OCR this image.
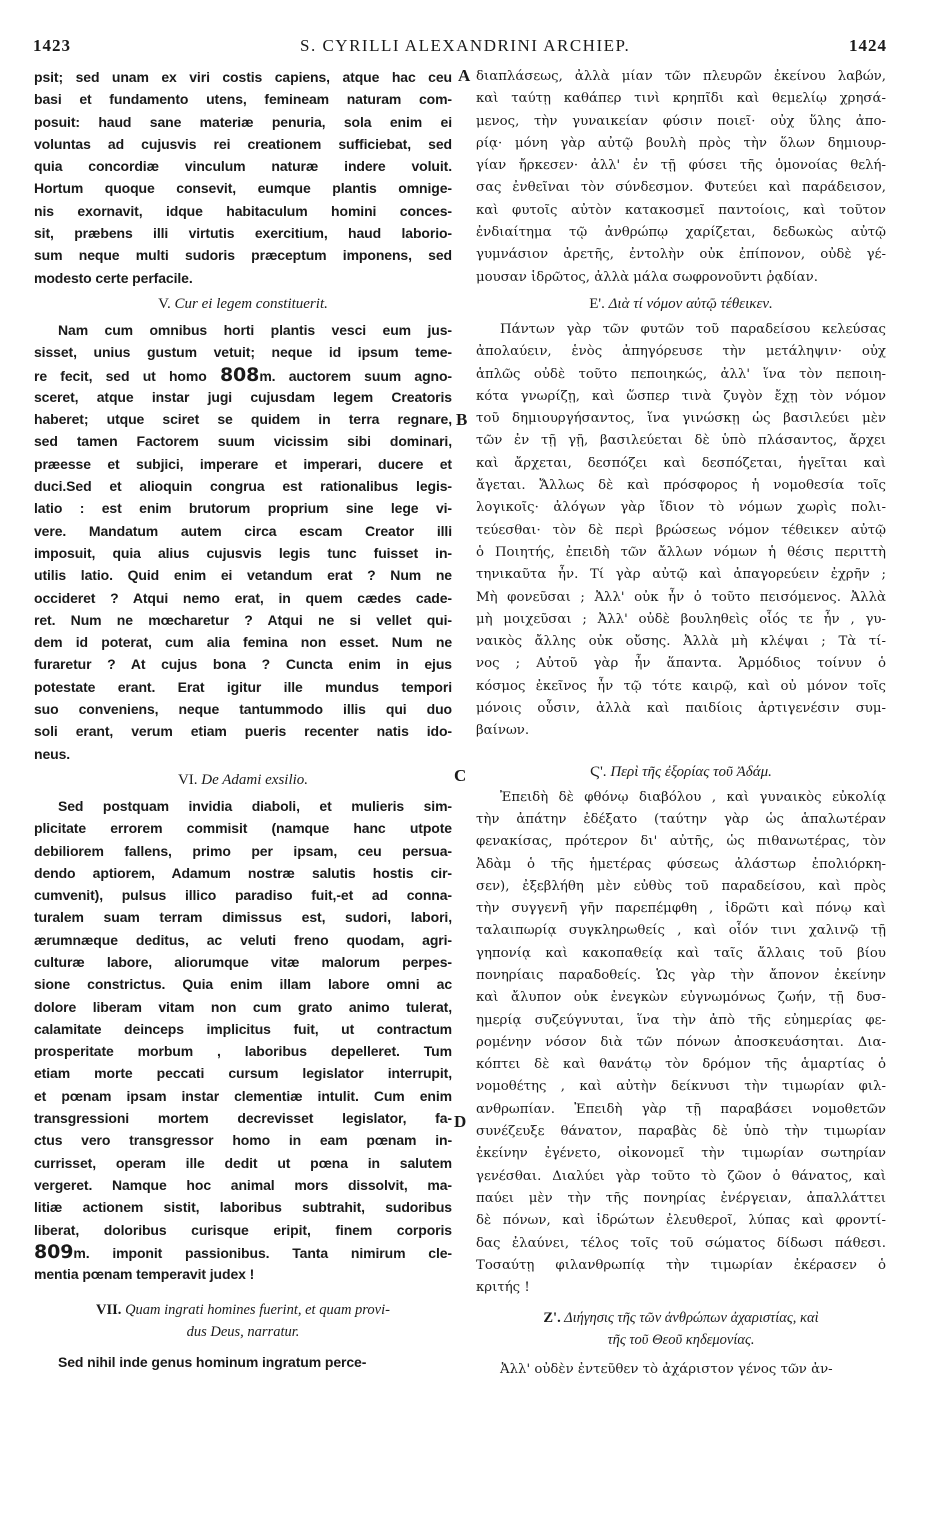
1423	S. CYRILLI ALEXANDRINI ARCHIEP.	1424
A
B
C
D
psit; sed unam ex viri costis capiens, atque hac ceu
basi et fundamento utens, femineam naturam com-
posuit: haud sane materiæ penuria, sola enim ei
voluntas ad cujusvis rei creationem sufficiebat, sed
quia concordiæ vinculum naturæ indere voluit.
Hortum quoque consevit, eumque plantis omnige-
nis exornavit, idque habitaculum homini conces-
sit, præbens illi virtutis exercitium, haud laborio-
sum neque multi sudoris præceptum imponens, sed
modesto certe perfacile.
V. Cur ei legem constituerit.
Nam cum omnibus horti plantis vesci eum jus-
sisset, unius gustum vetuit; neque id ipsum teme-
re fecit, sed ut homo 808m. auctorem suum agno-
sceret, atque instar jugi cujusdam legem Creatoris
haberet; utque sciret se quidem in terra regnare,
sed tamen Factorem suum vicissim sibi dominari,
præesse et subjici, imperare et imperari, ducere et
duci.Sed et alioquin congrua est rationalibus legis-
latio : est enim brutorum proprium sine lege vi-
vere. Mandatum autem circa escam Creator illi
imposuit, quia alius cujusvis legis tunc fuisset in-
utilis latio. Quid enim ei vetandum erat ? Num ne
occideret ? Atqui nemo erat, in quem cædes cade-
ret. Num ne mœcharetur ? Atqui ne si vellet qui-
dem id poterat, cum alia femina non esset. Num ne
furaretur ? At cujus bona ? Cuncta enim in ejus
potestate erant. Erat igitur ille mundus tempori
suo conveniens, neque tantummodo illis qui duo
soli erant, verum etiam pueris recenter natis ido-
neus.
VI. De Adami exsilio.
Sed postquam invidia diaboli, et mulieris sim-
plicitate errorem commisit (namque hanc utpote
debiliorem fallens, primo per ipsam, ceu persua-
dendo aptiorem, Adamum nostræ salutis hostis cir-
cumvenit), pulsus illico paradiso fuit,-et ad conna-
turalem suam terram dimissus est, sudori, labori,
ærumnæque deditus, ac veluti freno quodam, agri-
culturæ labore, aliorumque vitæ malorum perpes-
sione constrictus. Quia enim illam labore omni ac
dolore liberam vitam non cum grato animo tulerat,
calamitate deinceps implicitus fuit, ut contractum
prosperitate morbum , laboribus depelleret. Tum
etiam morte peccati cursum legislator interrupit,
et pœnam ipsam instar clementiæ intulit. Cum enim
transgressioni mortem decrevisset legislator, fa-
ctus vero transgressor homo in eam pœnam in-
currisset, operam ille dedit ut pœna in salutem
vergeret. Namque hoc animal mors dissolvit, ma-
litiæ actionem sistit, laboribus subtrahit, sudoribus
liberat, doloribus curisque eripit, finem corporis
809m. imponit passionibus. Tanta nimirum cle-
mentia pœnam temperavit judex !
VII. Quam ingrati homines fuerint, et quam provi-
dus Deus, narratur.
Sed nihil inde genus hominum ingratum perce-
διαπλάσεως, ἀλλὰ μίαν τῶν πλευρῶν ἐκείνου λαβών,
καὶ ταύτῃ καθάπερ τινὶ κρηπῖδι καὶ θεμελίῳ χρησά-
μενος, τὴν γυναικείαν φύσιν ποιεῖ· οὐχ ὕλης ἀπο-
ρίᾳ· μόνη γὰρ αὐτῷ βουλὴ πρὸς τὴν ὅλων δημιουρ-
γίαν ἤρκεσεν· ἀλλ' ἐν τῇ φύσει τῆς ὁμονοίας θελή-
σας ἐνθεῖναι τὸν σύνδεσμον. Φυτεύει καὶ παράδεισον,
καὶ φυτοῖς αὐτὸν κατακοσμεῖ παντοίοις, καὶ τοῦτον
ἐνδιαίτημα τῷ ἀνθρώπῳ χαρίζεται, δεδωκὼς αὐτῷ
γυμνάσιον ἀρετῆς, ἐντολὴν οὐκ ἐπίπονον, οὐδὲ γέ-
μουσαν ἱδρῶτος, ἀλλὰ μάλα σωφρονοῦντι ῥᾳδίαν.
Ε'. Διὰ τί νόμον αὐτῷ τέθεικεν.
Πάντων γὰρ τῶν φυτῶν τοῦ παραδείσου κελεύσας
ἀπολαύειν, ἑνὸς ἀπηγόρευσε τὴν μετάληψιν· οὐχ
ἁπλῶς οὐδὲ τοῦτο πεποιηκώς, ἀλλ' ἵνα τὸν πεποιη-
κότα γνωρίζῃ, καὶ ὥσπερ τινὰ ζυγὸν ἔχῃ τὸν νόμον
τοῦ δημιουργήσαντος, ἵνα γινώσκῃ ὡς βασιλεύει μὲν
τῶν ἐν τῇ γῇ, βασιλεύεται δὲ ὑπὸ πλάσαντος, ἄρχει
καὶ ἄρχεται, δεσπόζει καὶ δεσπόζεται, ἡγεῖται καὶ
ἄγεται. Ἄλλως δὲ καὶ πρόσφορος ἡ νομοθεσία τοῖς
λογικοῖς· ἀλόγων γὰρ ἴδιον τὸ νόμων χωρὶς πολι-
τεύεσθαι· τὸν δὲ περὶ βρώσεως νόμον τέθεικεν αὐτῷ
ὁ Ποιητής, ἐπειδὴ τῶν ἄλλων νόμων ἡ θέσις περιττὴ
τηνικαῦτα ἦν. Τί γὰρ αὐτῷ καὶ ἀπαγορεύειν ἐχρῆν ;
Μὴ φονεῦσαι ; Ἀλλ' οὐκ ἦν ὁ τοῦτο πεισόμενος. Ἀλλὰ
μὴ μοιχεῦσαι ; Ἀλλ' οὐδὲ βουληθεὶς οἷός τε ἦν , γυ-
ναικὸς ἄλλης οὐκ οὔσης. Ἀλλὰ μὴ κλέψαι ; Τὰ τί-
νος ; Αὐτοῦ γὰρ ἦν ἅπαντα. Ἁρμόδιος τοίνυν ὁ
κόσμος ἐκεῖνος ἦν τῷ τότε καιρῷ, καὶ οὐ μόνον τοῖς
μόνοις οὖσιν, ἀλλὰ καὶ παιδίοις ἀρτιγενέσιν συμ-
βαίνων.
Ϛ'. Περὶ τῆς ἐξορίας τοῦ Ἀδάμ.
Ἐπειδὴ δὲ φθόνῳ διαβόλου , καὶ γυναικὸς εὐκολίᾳ
τὴν ἀπάτην ἐδέξατο (ταύτην γὰρ ὡς ἁπαλωτέραν
φενακίσας, πρότερον δι' αὐτῆς, ὡς πιθανωτέρας, τὸν
Ἀδὰμ ὁ τῆς ἡμετέρας φύσεως ἀλάστωρ ἐπολιόρκη-
σεν), ἐξεβλήθη μὲν εὐθὺς τοῦ παραδείσου, καὶ πρὸς
τὴν συγγενῆ γῆν παρεπέμφθη , ἱδρῶτι καὶ πόνῳ καὶ
ταλαιπωρίᾳ συγκληρωθείς , καὶ οἷόν τινι χαλινῷ τῇ
γηπονίᾳ καὶ κακοπαθείᾳ καὶ ταῖς ἄλλαις τοῦ βίου
πονηρίαις παραδοθείς. Ὡς γὰρ τὴν ἄπονον ἐκείνην
καὶ ἄλυπον οὐκ ἐνεγκὼν εὐγνωμόνως ζωήν, τῇ δυσ-
ημερίᾳ συζεύγνυται, ἵνα τὴν ἀπὸ τῆς εὐημερίας φε-
ρομένην νόσον διὰ τῶν πόνων ἀποσκευάσηται. Δια-
κόπτει δὲ καὶ θανάτῳ τὸν δρόμον τῆς ἁμαρτίας ὁ
νομοθέτης , καὶ αὐτὴν δείκνυσι τὴν τιμωρίαν φιλ-
ανθρωπίαν. Ἐπειδὴ γὰρ τῇ παραβάσει νομοθετῶν
συνέζευξε θάνατον, παραβὰς δὲ ὑπὸ τὴν τιμωρίαν
ἐκείνην ἐγένετο, οἰκονομεῖ τὴν τιμωρίαν σωτηρίαν
γενέσθαι. Διαλύει γὰρ τοῦτο τὸ ζῶον ὁ θάνατος, καὶ
παύει μὲν τὴν τῆς πονηρίας ἐνέργειαν, ἀπαλλάττει
δὲ πόνων, καὶ ἱδρώτων ἐλευθεροῖ, λύπας καὶ φροντί-
δας ἐλαύνει, τέλος τοῖς τοῦ σώματος δίδωσι πάθεσι.
Τοσαύτῃ φιλανθρωπίᾳ τὴν τιμωρίαν ἐκέρασεν ὁ
κριτής !
Ζ'. Διήγησις τῆς τῶν ἀνθρώπων ἀχαριστίας, καὶ
τῆς τοῦ Θεοῦ κηδεμονίας.
Ἀλλ' οὐδὲν ἐντεῦθεν τὸ ἀχάριστον γένος τῶν ἀν-
